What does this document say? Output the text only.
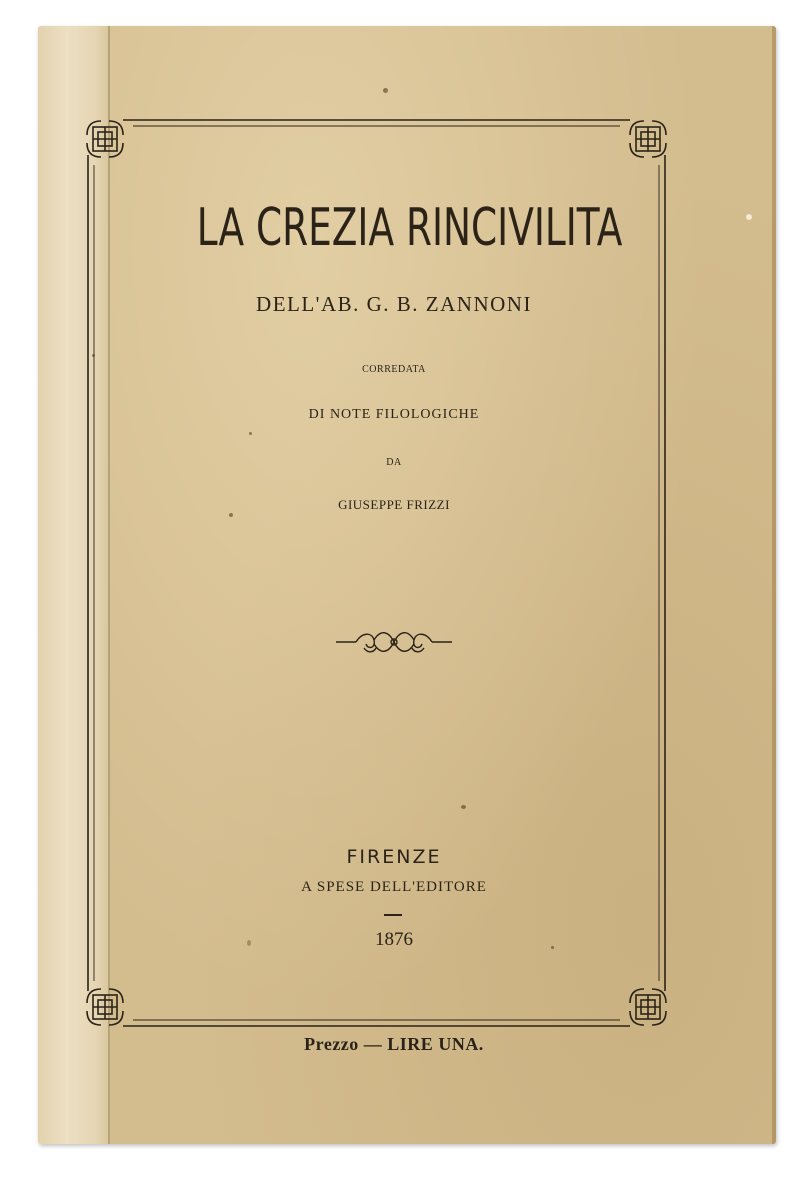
LA CREZIA RINCIVILITA

DELL'AB. G. B. ZANNONI

CORREDATA

DI NOTE FILOLOGICHE

DA

GIUSEPPE FRIZZI

FIRENZE

A SPESE DELL'EDITORE

1876

Prezzo — LIRE UNA.
